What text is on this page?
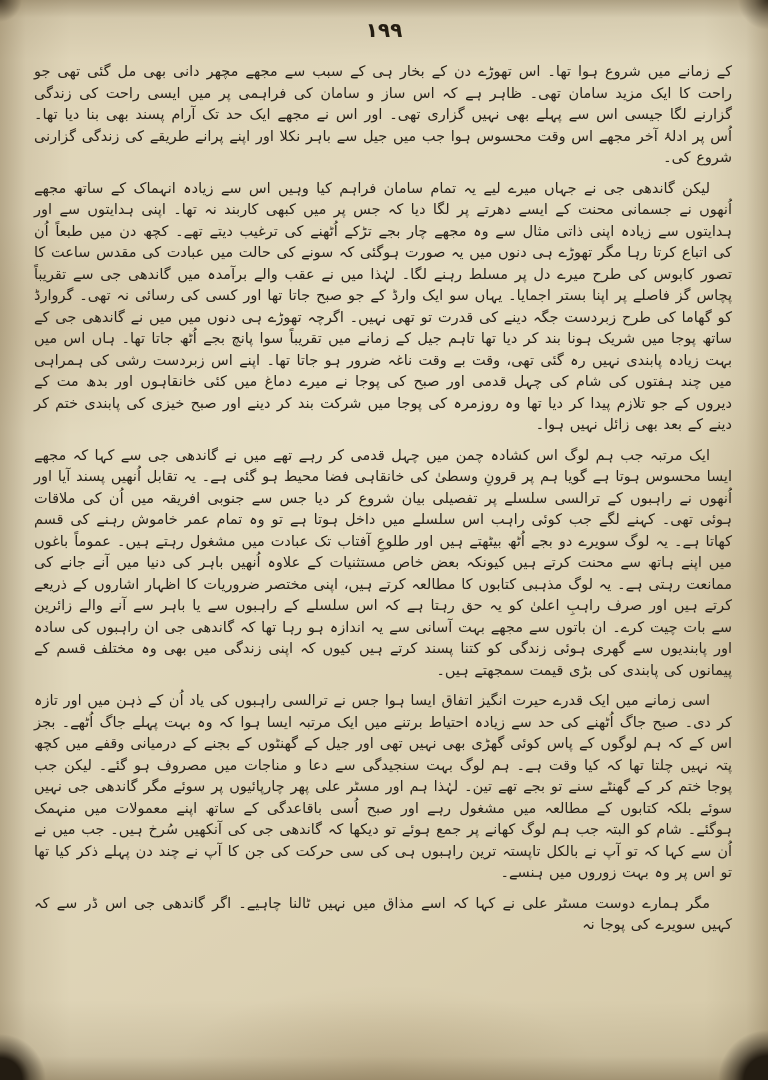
۱۹۹

کے زمانے میں شروع ہوا تھا۔ اس تھوڑے دن کے بخار ہی کے سبب سے مجھے مچھر دانی بھی مل گئی تھی جو راحت کا ایک مزید سامان تھی۔ ظاہر ہے کہ اس ساز و سامان کی فراہمی پر میں ایسی راحت کی زندگی گزارنے لگا جیسی اس سے پہلے بھی نہیں گزاری تھی۔ اور اس نے مجھے ایک حد تک آرام پسند بھی بنا دیا تھا۔ اُس پر ادلۂ آخر مجھے اس وقت محسوس ہوا جب میں جیل سے باہر نکلا اور اپنے پرانے طریقے کی زندگی گزارنی شروع کی۔

لیکن گاندھی جی نے جہاں میرے لیے یہ تمام سامان فراہم کیا وہیں اس سے زیادہ انہماک کے ساتھ مجھے اُنھوں نے جسمانی محنت کے ایسے دھرتے پر لگا دیا کہ جس پر میں کبھی کاربند نہ تھا۔ اپنی ہدایتوں سے اور ہدایتوں سے زیادہ اپنی ذاتی مثال سے وہ مجھے چار بجے تڑکے اُٹھنے کی ترغیب دیتے تھے۔ کچھ دن میں طبعاً اُن کی اتباع کرتا رہا مگر تھوڑے ہی دنوں میں یہ صورت ہوگئی کہ سونے کی حالت میں عبادت کی مقدس ساعت کا تصور کابوس کی طرح میرے دل پر مسلط رہنے لگا۔ لہٰذا میں نے عقب والے برآمدہ میں گاندھی جی سے تقریباً پچاس گز فاصلے پر اپنا بستر اجمایا۔ یہاں سو ایک وارڈ کے جو صبح جاتا تھا اور کسی کی رسائی نہ تھی۔ گروارڈ کو گھاما کی طرح زبردست جگہ دینے کی قدرت تو تھی نہیں۔ اگرچہ تھوڑے ہی دنوں میں میں نے گاندھی جی کے ساتھ پوجا میں شریک ہونا بند کر دیا تھا تاہم جیل کے زمانے میں تقریباً سوا پانچ بجے اُٹھ جاتا تھا۔ ہاں اس میں بہت زیادہ پابندی نہیں رہ گئی تھی، وقت بے وقت ناغہ ضرور ہو جاتا تھا۔ اپنے اس زبردست رشی کی ہمراہی میں چند ہفتوں کی شام کی چہل قدمی اور صبح کی پوجا نے میرے دماغ میں کئی خانقاہوں اور بدھ مت کے دیروں کے جو تلازم پیدا کر دیا تھا وہ روزمرہ کی پوجا میں شرکت بند کر دینے اور صبح خیزی کی پابندی ختم کر دینے کے بعد بھی زائل نہیں ہوا۔

ایک مرتبہ جب ہم لوگ اس کشادہ چمن میں چہل قدمی کر رہے تھے میں نے گاندھی جی سے کہا کہ مجھے ایسا محسوس ہوتا ہے گویا ہم پر قرونِ وسطیٰ کی خانقاہی فضا محیط ہو گئی ہے۔ یہ تقابل اُنھیں پسند آیا اور اُنھوں نے راہبوں کے ترالسی سلسلے پر تفصیلی بیان شروع کر دیا جس سے جنوبی افریقہ میں اُن کی ملاقات ہوئی تھی۔ کہنے لگے جب کوئی راہب اس سلسلے میں داخل ہوتا ہے تو وہ تمام عمر خاموش رہنے کی قسم کھاتا ہے۔ یہ لوگ سویرے دو بجے اُٹھ بیٹھتے ہیں اور طلوعِ آفتاب تک عبادت میں مشغول رہتے ہیں۔ عموماً باغوں میں اپنے ہاتھ سے محنت کرتے ہیں کیونکہ بعض خاص مستثنیات کے علاوہ اُنھیں باہر کی دنیا میں آنے جانے کی ممانعت رہتی ہے۔ یہ لوگ مذہبی کتابوں کا مطالعہ کرتے ہیں، اپنی مختصر ضروریات کا اظہار اشاروں کے ذریعے کرتے ہیں اور صرف راہبِ اعلیٰ کو یہ حق رہتا ہے کہ اس سلسلے کے راہبوں سے یا باہر سے آنے والے زائرین سے بات چیت کرے۔ ان باتوں سے مجھے بہت آسانی سے یہ اندازہ ہو رہا تھا کہ گاندھی جی ان راہبوں کی سادہ اور پابندیوں سے گھری ہوئی زندگی کو کتنا پسند کرتے ہیں کیوں کہ اپنی زندگی میں بھی وہ مختلف قسم کے پیمانوں کی پابندی کی بڑی قیمت سمجھتے ہیں۔

اسی زمانے میں ایک قدرے حیرت انگیز اتفاق ایسا ہوا جس نے ترالسی راہبوں کی یاد اُن کے ذہن میں اور تازہ کر دی۔ صبح جاگ اُٹھنے کی حد سے زیادہ احتیاط برتنے میں ایک مرتبہ ایسا ہوا کہ وہ بہت پہلے جاگ اُٹھے۔ بجز اس کے کہ ہم لوگوں کے پاس کوئی گھڑی بھی نہیں تھی اور جیل کے گھنٹوں کے بجنے کے درمیانی وقفے میں کچھ پتہ نہیں چلتا تھا کہ کیا وقت ہے۔ ہم لوگ بہت سنجیدگی سے دعا و مناجات میں مصروف ہو گئے۔ لیکن جب پوجا ختم کر کے گھنٹے سنے تو بجے تھے تین۔ لہٰذا ہم اور مسٹر علی پھر چارپائیوں پر سوئے مگر گاندھی جی نہیں سوئے بلکہ کتابوں کے مطالعہ میں مشغول رہے اور صبح اُسی باقاعدگی کے ساتھ اپنے معمولات میں منہمک ہوگئے۔ شام کو البتہ جب ہم لوگ کھانے پر جمع ہوئے تو دیکھا کہ گاندھی جی کی آنکھیں سُرخ ہیں۔ جب میں نے اُن سے کہا کہ تو آپ نے بالکل تاپستہ ترین راہبوں ہی کی سی حرکت کی جن کا آپ نے چند دن پہلے ذکر کیا تھا تو اس پر وہ بہت زوروں میں ہنسے۔

مگر ہمارے دوست مسٹر علی نے کہا کہ اسے مذاق میں نہیں ٹالنا چاہیے۔ اگر گاندھی جی اس ڈر سے کہ کہیں سویرے کی پوجا نہ
